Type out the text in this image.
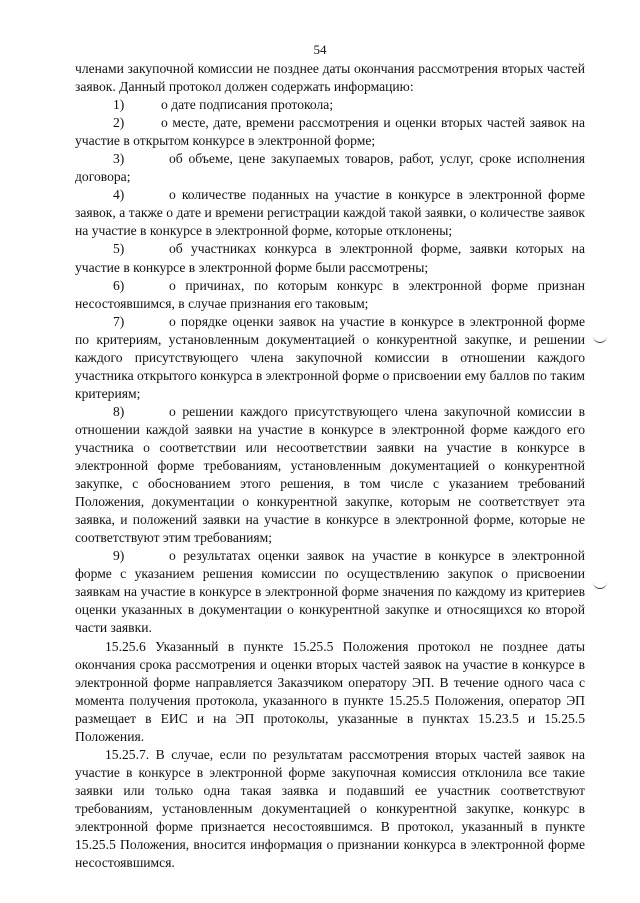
54

членами закупочной комиссии не позднее даты окончания рассмотрения вторых частей заявок. Данный протокол должен содержать информацию:

1)	о дате подписания протокола;

2)	о месте, дате, времени рассмотрения и оценки вторых частей заявок на участие в открытом конкурсе в электронной форме;

3)	об объеме, цене закупаемых товаров, работ, услуг, сроке исполнения договора;

4)	о количестве поданных на участие в конкурсе в электронной форме заявок, а также о дате и времени регистрации каждой такой заявки, о количестве заявок на участие в конкурсе в электронной форме, которые отклонены;

5)	об участниках конкурса в электронной форме, заявки которых на участие в конкурсе в электронной форме были рассмотрены;

6)	о причинах, по которым конкурс в электронной форме признан несостоявшимся, в случае признания его таковым;

7)	о порядке оценки заявок на участие в конкурсе в электронной форме по критериям, установленным документацией о конкурентной закупке, и решении каждого присутствующего члена закупочной комиссии в отношении каждого участника открытого конкурса в электронной форме о присвоении ему баллов по таким критериям;

8)	о решении каждого присутствующего члена закупочной комиссии в отношении каждой заявки на участие в конкурсе в электронной форме каждого его участника о соответствии или несоответствии заявки на участие в конкурсе в электронной форме требованиям, установленным документацией о конкурентной закупке, с обоснованием этого решения, в том числе с указанием требований Положения, документации о конкурентной закупке, которым не соответствует эта заявка, и положений заявки на участие в конкурсе в электронной форме, которые не соответствуют этим требованиям;

9)	о результатах оценки заявок на участие в конкурсе в электронной форме с указанием решения комиссии по осуществлению закупок о присвоении заявкам на участие в конкурсе в электронной форме значения по каждому из критериев оценки указанных в документации о конкурентной закупке и относящихся ко второй части заявки.

15.25.6 Указанный в пункте 15.25.5 Положения протокол не позднее даты окончания срока рассмотрения и оценки вторых частей заявок на участие в конкурсе в электронной форме направляется Заказчиком оператору ЭП. В течение одного часа с момента получения протокола, указанного в пункте 15.25.5 Положения, оператор ЭП размещает в ЕИС и на ЭП протоколы, указанные в пунктах 15.23.5 и 15.25.5 Положения.

15.25.7. В случае, если по результатам рассмотрения вторых частей заявок на участие в конкурсе в электронной форме закупочная комиссия отклонила все такие заявки или только одна такая заявка и подавший ее участник соответствуют требованиям, установленным документацией о конкурентной закупке, конкурс в электронной форме признается несостоявшимся. В протокол, указанный в пункте 15.25.5 Положения, вносится информация о признании конкурса в электронной форме несостоявшимся.
